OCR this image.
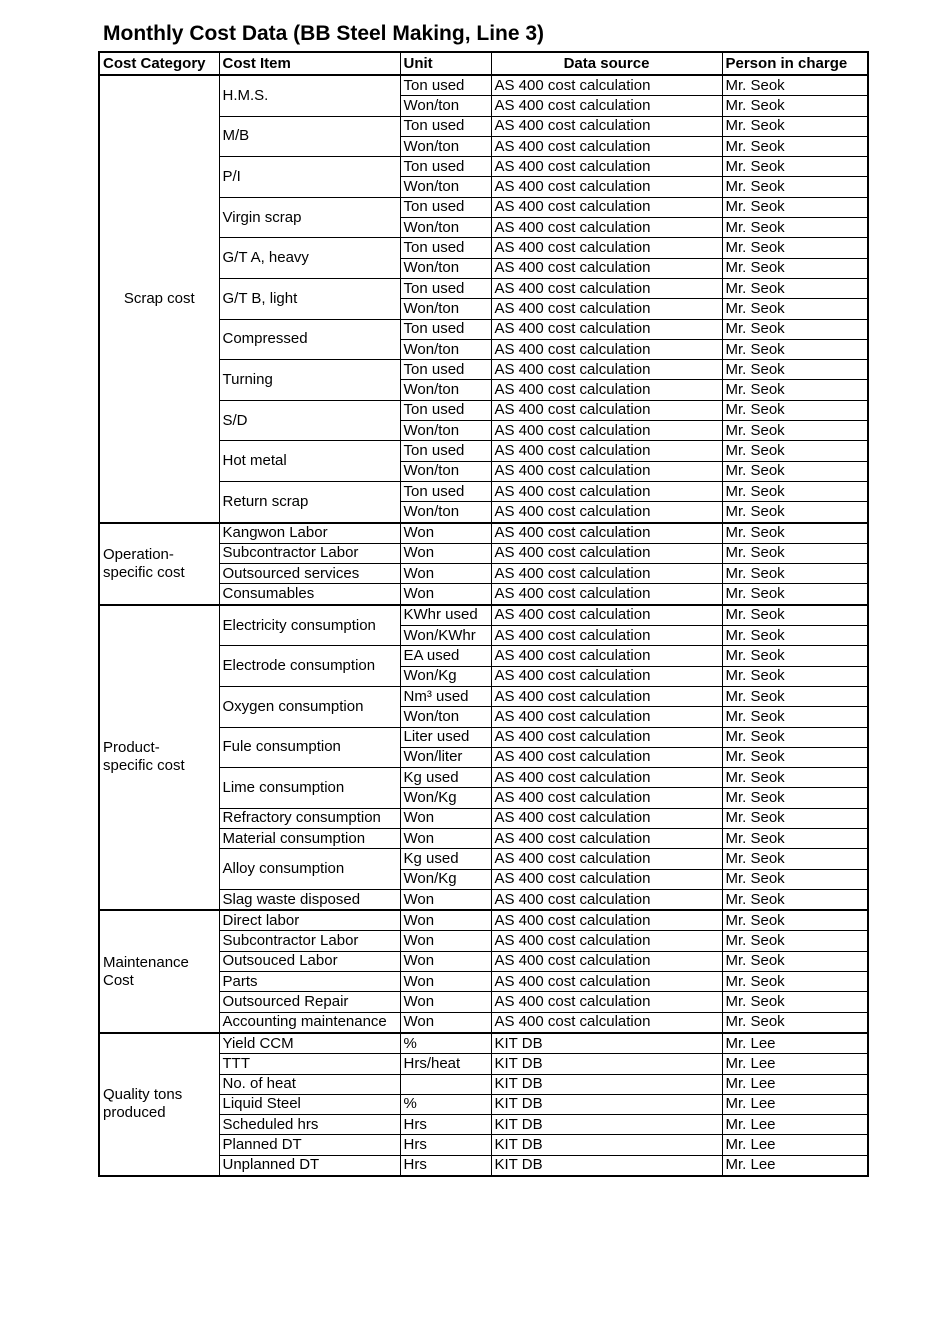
Monthly Cost Data (BB Steel Making, Line 3)
Cost Category	Cost Item	Unit	Data source	Person in charge
Scrap cost	H.M.S.	Ton used	AS 400 cost calculation	Mr. Seok
		Won/ton	AS 400 cost calculation	Mr. Seok
	M/B	Ton used	AS 400 cost calculation	Mr. Seok
		Won/ton	AS 400 cost calculation	Mr. Seok
	P/I	Ton used	AS 400 cost calculation	Mr. Seok
		Won/ton	AS 400 cost calculation	Mr. Seok
	Virgin scrap	Ton used	AS 400 cost calculation	Mr. Seok
		Won/ton	AS 400 cost calculation	Mr. Seok
	G/T A, heavy	Ton used	AS 400 cost calculation	Mr. Seok
		Won/ton	AS 400 cost calculation	Mr. Seok
	G/T B, light	Ton used	AS 400 cost calculation	Mr. Seok
		Won/ton	AS 400 cost calculation	Mr. Seok
	Compressed	Ton used	AS 400 cost calculation	Mr. Seok
		Won/ton	AS 400 cost calculation	Mr. Seok
	Turning	Ton used	AS 400 cost calculation	Mr. Seok
		Won/ton	AS 400 cost calculation	Mr. Seok
	S/D	Ton used	AS 400 cost calculation	Mr. Seok
		Won/ton	AS 400 cost calculation	Mr. Seok
	Hot metal	Ton used	AS 400 cost calculation	Mr. Seok
		Won/ton	AS 400 cost calculation	Mr. Seok
	Return scrap	Ton used	AS 400 cost calculation	Mr. Seok
		Won/ton	AS 400 cost calculation	Mr. Seok
Operation-
specific cost	Kangwon Labor	Won	AS 400 cost calculation	Mr. Seok
	Subcontractor Labor	Won	AS 400 cost calculation	Mr. Seok
	Outsourced services	Won	AS 400 cost calculation	Mr. Seok
	Consumables	Won	AS 400 cost calculation	Mr. Seok
Product-
specific cost	Electricity consumption	KWhr used	AS 400 cost calculation	Mr. Seok
		Won/KWhr	AS 400 cost calculation	Mr. Seok
	Electrode consumption	EA used	AS 400 cost calculation	Mr. Seok
		Won/Kg	AS 400 cost calculation	Mr. Seok
	Oxygen consumption	Nm³ used	AS 400 cost calculation	Mr. Seok
		Won/ton	AS 400 cost calculation	Mr. Seok
	Fule consumption	Liter used	AS 400 cost calculation	Mr. Seok
		Won/liter	AS 400 cost calculation	Mr. Seok
	Lime consumption	Kg used	AS 400 cost calculation	Mr. Seok
		Won/Kg	AS 400 cost calculation	Mr. Seok
	Refractory consumption	Won	AS 400 cost calculation	Mr. Seok
	Material consumption	Won	AS 400 cost calculation	Mr. Seok
	Alloy consumption	Kg used	AS 400 cost calculation	Mr. Seok
		Won/Kg	AS 400 cost calculation	Mr. Seok
	Slag waste disposed	Won	AS 400 cost calculation	Mr. Seok
Maintenance
Cost	Direct labor	Won	AS 400 cost calculation	Mr. Seok
	Subcontractor Labor	Won	AS 400 cost calculation	Mr. Seok
	Outsouced Labor	Won	AS 400 cost calculation	Mr. Seok
	Parts	Won	AS 400 cost calculation	Mr. Seok
	Outsourced Repair	Won	AS 400 cost calculation	Mr. Seok
	Accounting maintenance	Won	AS 400 cost calculation	Mr. Seok
Quality tons
produced	Yield CCM	%	KIT DB	Mr. Lee
	TTT	Hrs/heat	KIT DB	Mr. Lee
	No. of heat		KIT DB	Mr. Lee
	Liquid Steel	%	KIT DB	Mr. Lee
	Scheduled hrs	Hrs	KIT DB	Mr. Lee
	Planned DT	Hrs	KIT DB	Mr. Lee
	Unplanned DT	Hrs	KIT DB	Mr. Lee
